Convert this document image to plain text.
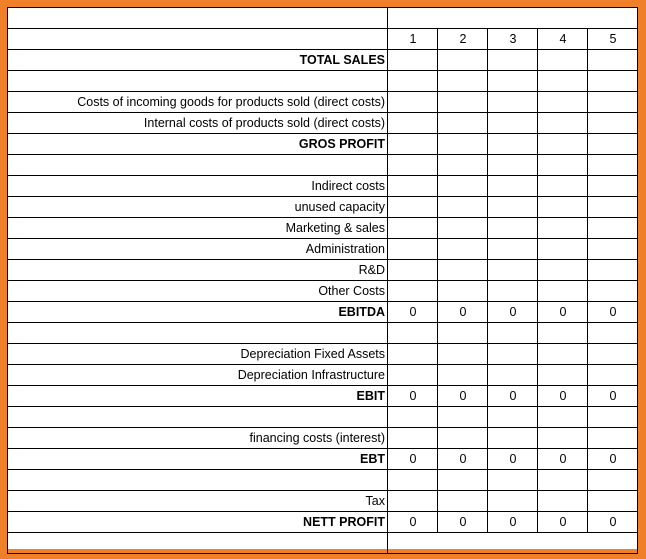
	1	2	3	4	5
TOTAL SALES					

Costs of incoming goods for products sold (direct costs)					
Internal costs of products sold (direct costs)					
GROS PROFIT					

Indirect costs					
unused capacity					
Marketing & sales					
Administration					
R&D					
Other Costs					
EBITDA	0	0	0	0	0

Depreciation Fixed Assets					
Depreciation Infrastructure					
EBIT	0	0	0	0	0

financing costs (interest)					
EBT	0	0	0	0	0

Tax					
NETT PROFIT	0	0	0	0	0
